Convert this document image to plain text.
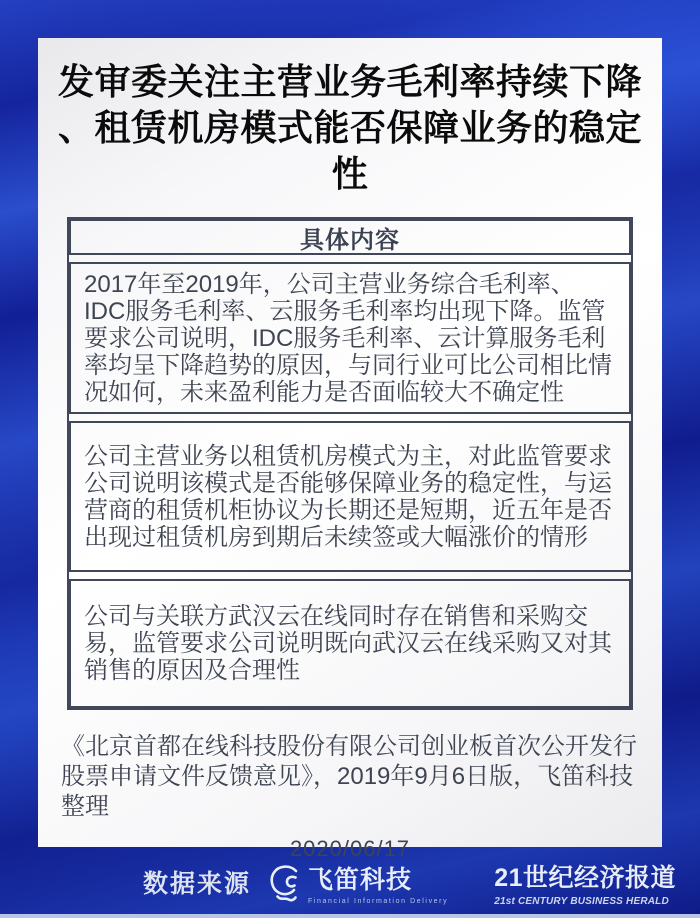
发审委关注主营业务毛利率持续下降
、租赁机房模式能否保障业务的稳定性
具体内容
2017年至2019年，公司主营业务综合毛利率、IDC服务毛利率、云服务毛利率均出现下降。监管要求公司说明，IDC服务毛利率、云计算服务毛利率均呈下降趋势的原因，与同行业可比公司相比情况如何，未来盈利能力是否面临较大不确定性
公司主营业务以租赁机房模式为主，对此监管要求公司说明该模式是否能够保障业务的稳定性，与运营商的租赁机柜协议为长期还是短期，近五年是否出现过租赁机房到期后未续签或大幅涨价的情形
公司与关联方武汉云在线同时存在销售和采购交易，监管要求公司说明既向武汉云在线采购又对其销售的原因及合理性
《北京首都在线科技股份有限公司创业板首次公开发行股票申请文件反馈意见》，2019年9月6日版，飞笛科技整理
2020/06/17
数据来源 飞笛科技
Financial Information Delivery
21世纪经济报道
21st CENTURY BUSINESS HERALD
